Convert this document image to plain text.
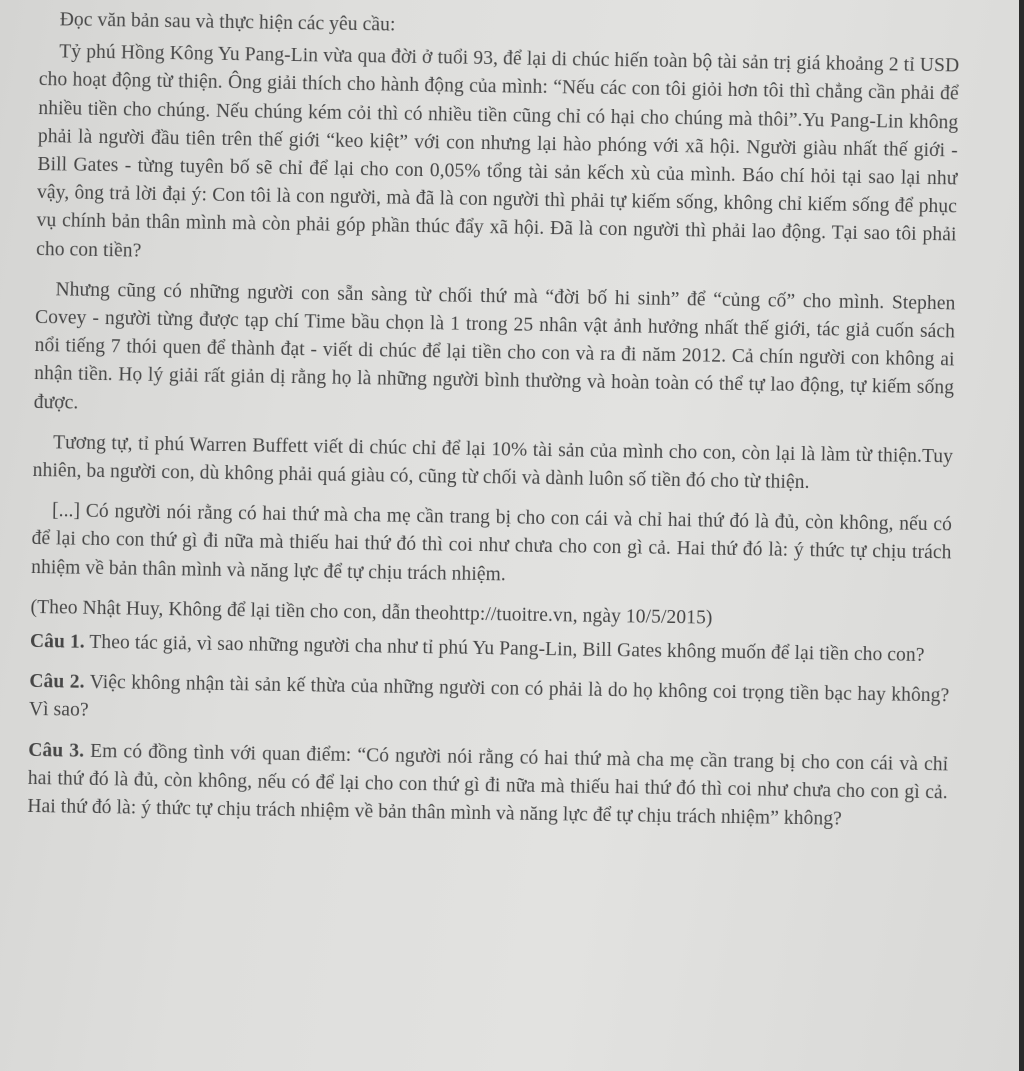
Đọc văn bản sau và thực hiện các yêu cầu:

Tỷ phú Hồng Kông Yu Pang-Lin vừa qua đời ở tuổi 93, để lại di chúc hiến toàn bộ tài sản trị giá khoảng 2 tỉ USD cho hoạt động từ thiện. Ông giải thích cho hành động của mình: “Nếu các con tôi giỏi hơn tôi thì chẳng cần phải để nhiều tiền cho chúng. Nếu chúng kém cỏi thì có nhiều tiền cũng chỉ có hại cho chúng mà thôi”.Yu Pang-Lin không phải là người đầu tiên trên thế giới “keo kiệt” với con nhưng lại hào phóng với xã hội. Người giàu nhất thế giới - Bill Gates - từng tuyên bố sẽ chỉ để lại cho con 0,05% tổng tài sản kếch xù của mình. Báo chí hỏi tại sao lại như vậy, ông trả lời đại ý: Con tôi là con người, mà đã là con người thì phải tự kiếm sống, không chỉ kiếm sống để phục vụ chính bản thân mình mà còn phải góp phần thúc đẩy xã hội. Đã là con người thì phải lao động. Tại sao tôi phải cho con tiền?

Nhưng cũng có những người con sẵn sàng từ chối thứ mà “đời bố hi sinh” để “củng cố” cho mình. Stephen Covey - người từng được tạp chí Time bầu chọn là 1 trong 25 nhân vật ảnh hưởng nhất thế giới, tác giả cuốn sách nổi tiếng 7 thói quen để thành đạt - viết di chúc để lại tiền cho con và ra đi năm 2012. Cả chín người con không ai nhận tiền. Họ lý giải rất giản dị rằng họ là những người bình thường và hoàn toàn có thể tự lao động, tự kiếm sống được.

Tương tự, tỉ phú Warren Buffett viết di chúc chỉ để lại 10% tài sản của mình cho con, còn lại là làm từ thiện.Tuy nhiên, ba người con, dù không phải quá giàu có, cũng từ chối và dành luôn số tiền đó cho từ thiện.

[...] Có người nói rằng có hai thứ mà cha mẹ cần trang bị cho con cái và chỉ hai thứ đó là đủ, còn không, nếu có để lại cho con thứ gì đi nữa mà thiếu hai thứ đó thì coi như chưa cho con gì cả. Hai thứ đó là: ý thức tự chịu trách nhiệm về bản thân mình và năng lực để tự chịu trách nhiệm.

(Theo Nhật Huy, Không để lại tiền cho con, dẫn theohttp://tuoitre.vn, ngày 10/5/2015)

Câu 1. Theo tác giả, vì sao những người cha như tỉ phú Yu Pang-Lin, Bill Gates không muốn để lại tiền cho con?

Câu 2. Việc không nhận tài sản kế thừa của những người con có phải là do họ không coi trọng tiền bạc hay không? Vì sao?

Câu 3. Em có đồng tình với quan điểm: “Có người nói rằng có hai thứ mà cha mẹ cần trang bị cho con cái và chỉ hai thứ đó là đủ, còn không, nếu có để lại cho con thứ gì đi nữa mà thiếu hai thứ đó thì coi như chưa cho con gì cả. Hai thứ đó là: ý thức tự chịu trách nhiệm về bản thân mình và năng lực để tự chịu trách nhiệm” không?
